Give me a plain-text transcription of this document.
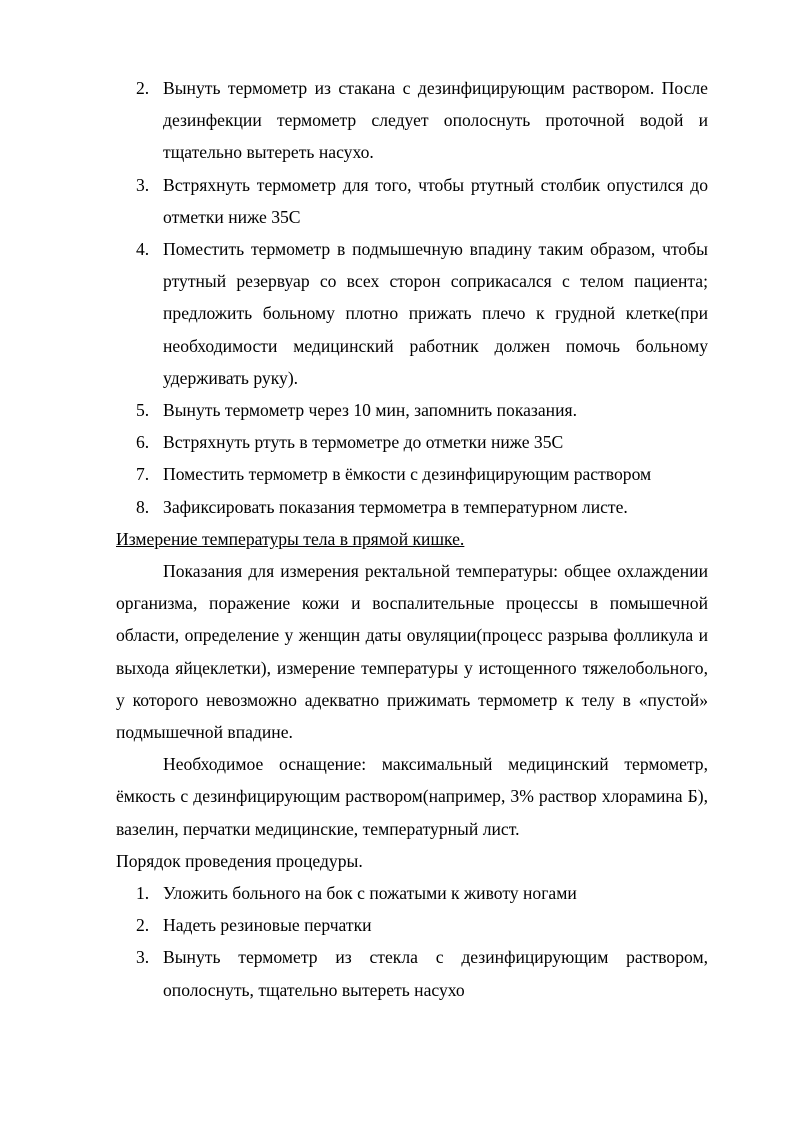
2. Вынуть термометр из стакана с дезинфицирующим раствором. После дезинфекции термометр следует ополоснуть проточной водой и тщательно вытереть насухо.
3. Встряхнуть термометр для того, чтобы ртутный столбик опустился до отметки ниже 35С
4. Поместить термометр в подмышечную впадину таким образом, чтобы ртутный резервуар со всех сторон соприкасался с телом пациента; предложить больному плотно прижать плечо к грудной клетке(при необходимости медицинский работник должен помочь больному удерживать руку).
5. Вынуть термометр через 10 мин, запомнить показания.
6. Встряхнуть ртуть в термометре до отметки ниже 35С
7. Поместить термометр в ёмкости с дезинфицирующим раствором
8. Зафиксировать показания термометра в температурном листе.

Измерение температуры тела в прямой кишке.

Показания для измерения ректальной температуры: общее охлаждении организма, поражение кожи и воспалительные процессы в помышечной области, определение у женщин даты овуляции(процесс разрыва фолликула и выхода яйцеклетки), измерение температуры у истощенного тяжелобольного, у которого невозможно адекватно прижимать термометр к телу в «пустой» подмышечной впадине.

Необходимое оснащение: максимальный медицинский термометр, ёмкость с дезинфицирующим раствором(например, 3% раствор хлорамина Б), вазелин, перчатки медицинские, температурный лист.

Порядок проведения процедуры.

1. Уложить больного на бок с пожатыми к животу ногами
2. Надеть резиновые перчатки
3. Вынуть термометр из стекла с дезинфицирующим раствором, ополоснуть, тщательно вытереть насухо
